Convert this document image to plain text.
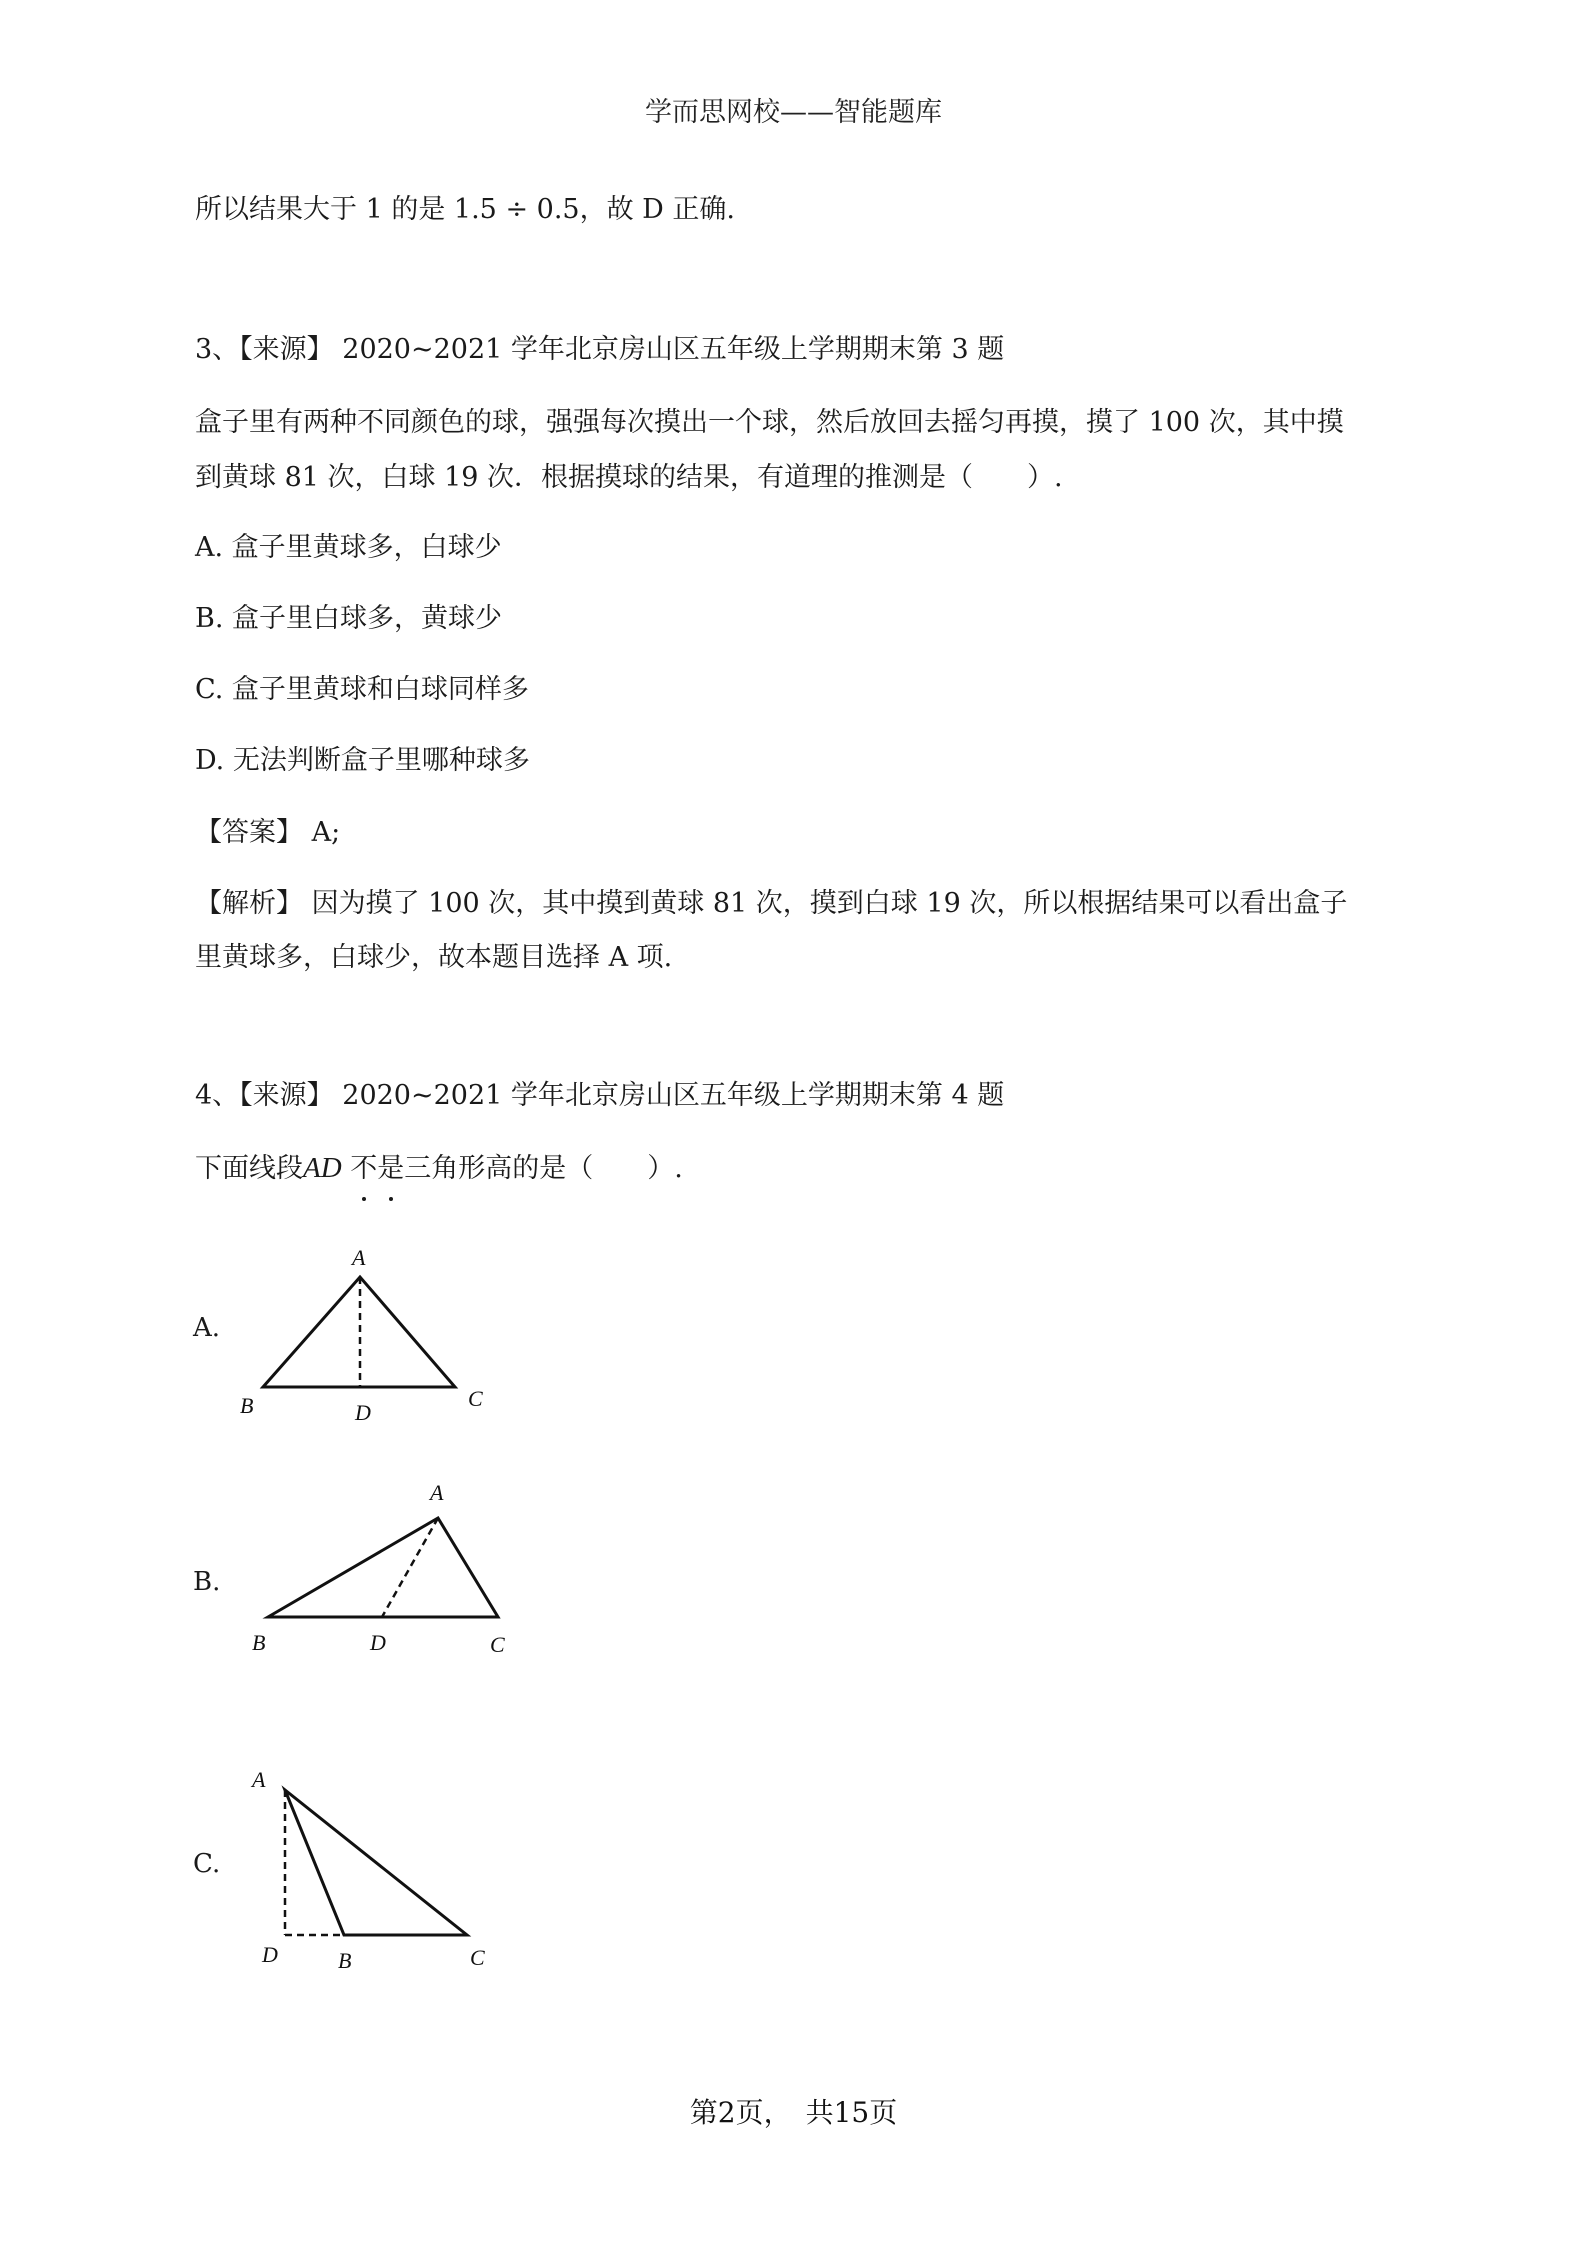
学而思网校——智能题库
所以结果大于 1 的是 1.5 ÷ 0.5，故 D 正确.
3、【来源】 2020~2021 学年北京房山区五年级上学期期末第 3 题
盒子里有两种不同颜色的球，强强每次摸出一个球，然后放回去摇匀再摸，摸了 100 次，其中摸
到黄球 81 次，白球 19 次．根据摸球的结果，有道理的推测是（　　）.
A. 盒子里黄球多，白球少
B. 盒子里白球多，黄球少
C. 盒子里黄球和白球同样多
D. 无法判断盒子里哪种球多
【答案】 A;
【解析】 因为摸了 100 次，其中摸到黄球 81 次，摸到白球 19 次，所以根据结果可以看出盒子
里黄球多，白球少，故本题目选择 A 项.
4、【来源】 2020~2021 学年北京房山区五年级上学期期末第 4 题
下面线段AD 不是三角形高的是（　　）.
A.
A
B	C
D
B.
A
B	C
D
C.
A
D	B	C
第2页，　共15页
